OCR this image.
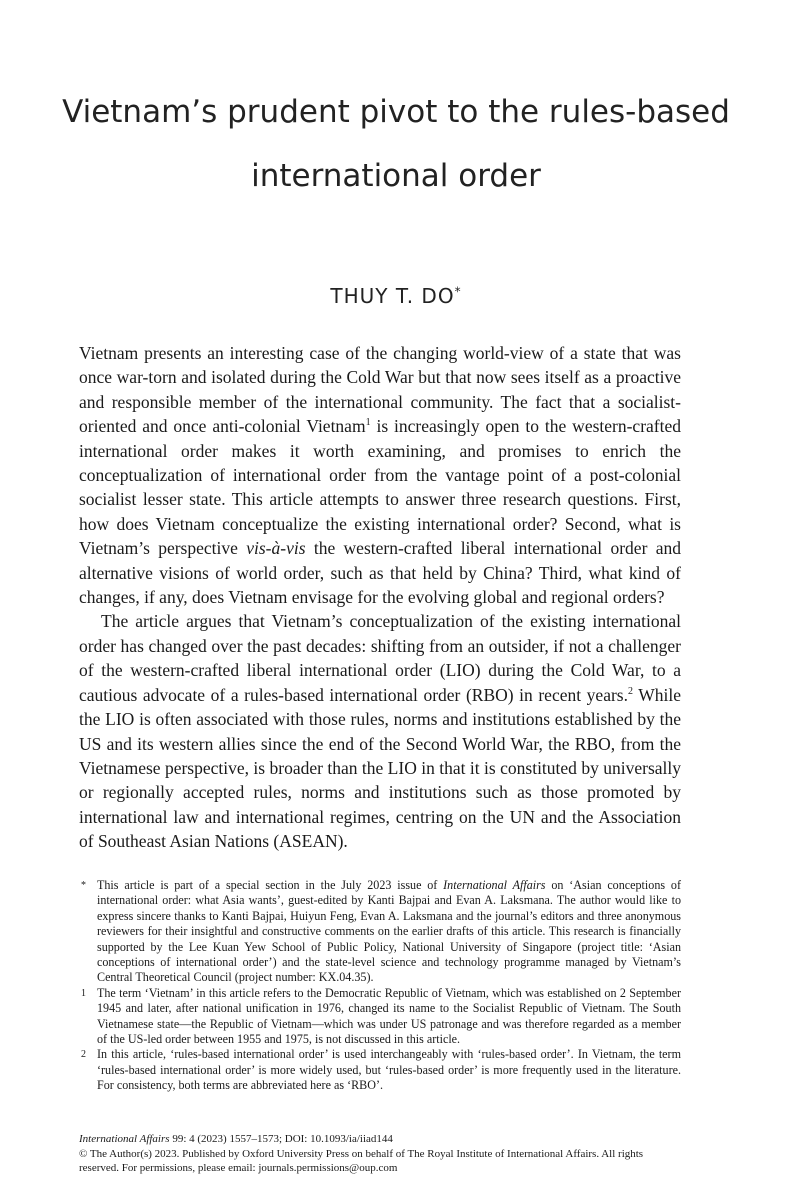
Vietnam’s prudent pivot to the rules-based
international order
THUY T. DO*

Vietnam presents an interesting case of the changing world-view of a state that was once war-torn and isolated during the Cold War but that now sees itself as a proactive and responsible member of the international community. The fact that a socialist-oriented and once anti-colonial Vietnam$^1$ is increasingly open to the western-crafted international order makes it worth examining, and promises to enrich the conceptualization of international order from the vantage point of a post-colonial socialist lesser state. This article attempts to answer three research questions. First, how does Vietnam conceptualize the existing international order? Second, what is Vietnam’s perspective vis-à-vis the western-crafted liberal international order and alternative visions of world order, such as that held by China? Third, what kind of changes, if any, does Vietnam envisage for the evolving global and regional orders?

The article argues that Vietnam’s conceptualization of the existing international order has changed over the past decades: shifting from an outsider, if not a challenger of the western-crafted liberal international order (LIO) during the Cold War, to a cautious advocate of a rules-based international order (RBO) in recent years.$^2$ While the LIO is often associated with those rules, norms and institutions established by the US and its western allies since the end of the Second World War, the RBO, from the Vietnamese perspective, is broader than the LIO in that it is constituted by universally or regionally accepted rules, norms and institutions such as those promoted by international law and international regimes, centring on the UN and the Association of Southeast Asian Nations (ASEAN).

* This article is part of a special section in the July 2023 issue of International Affairs on ‘Asian conceptions of international order: what Asia wants’, guest-edited by Kanti Bajpai and Evan A. Laksmana. The author would like to express sincere thanks to Kanti Bajpai, Huiyun Feng, Evan A. Laksmana and the journal’s editors and three anonymous reviewers for their insightful and constructive comments on the earlier drafts of this article. This research is financially supported by the Lee Kuan Yew School of Public Policy, National University of Singapore (project title: ‘Asian conceptions of international order’) and the state-level science and technology programme managed by Vietnam’s Central Theoretical Council (project number: KX.04.35).
1 The term ‘Vietnam’ in this article refers to the Democratic Republic of Vietnam, which was established on 2 September 1945 and later, after national unification in 1976, changed its name to the Socialist Republic of Vietnam. The South Vietnamese state—the Republic of Vietnam—which was under US patronage and was therefore regarded as a member of the US-led order between 1955 and 1975, is not discussed in this article.
2 In this article, ‘rules-based international order’ is used interchangeably with ‘rules-based order’. In Vietnam, the term ‘rules-based international order’ is more widely used, but ‘rules-based order’ is more frequently used in the literature. For consistency, both terms are abbreviated here as ‘RBO’.

International Affairs 99: 4 (2023) 1557–1573; DOI: 10.1093/ia/iiad144

© The Author(s) 2023. Published by Oxford University Press on behalf of The Royal Institute of International Affairs. All rights reserved. For permissions, please email: journals.permissions@oup.com
